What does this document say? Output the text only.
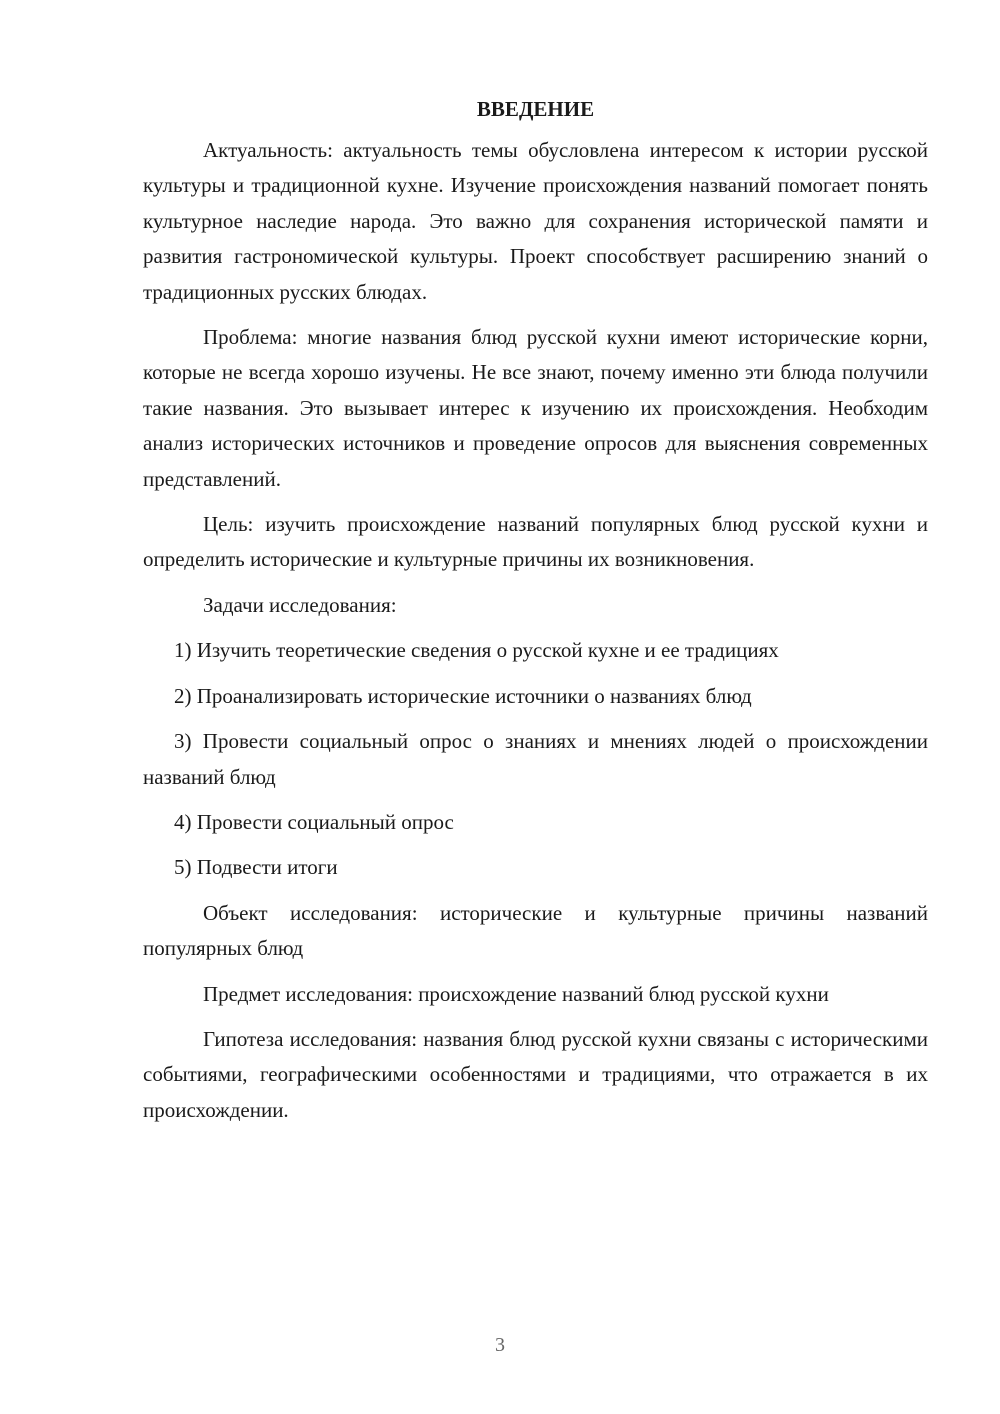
ВВЕДЕНИЕ

Актуальность: актуальность темы обусловлена интересом к истории русской культуры и традиционной кухне. Изучение происхождения названий помогает понять культурное наследие народа. Это важно для сохранения исторической памяти и развития гастрономической культуры. Проект способствует расширению знаний о традиционных русских блюдах.

Проблема: многие названия блюд русской кухни имеют исторические корни, которые не всегда хорошо изучены. Не все знают, почему именно эти блюда получили такие названия. Это вызывает интерес к изучению их происхождения. Необходим анализ исторических источников и проведение опросов для выяснения современных представлений.

Цель: изучить происхождение названий популярных блюд русской кухни и определить исторические и культурные причины их возникновения.

Задачи исследования:

1) Изучить теоретические сведения о русской кухне и ее традициях

2) Проанализировать исторические источники о названиях блюд

3) Провести социальный опрос о знаниях и мнениях людей о происхождении названий блюд

4) Провести социальный опрос

5) Подвести итоги

Объект исследования: исторические и культурные причины названий популярных блюд

Предмет исследования: происхождение названий блюд русской кухни

Гипотеза исследования: названия блюд русской кухни связаны с историческими событиями, географическими особенностями и традициями, что отражается в их происхождении.

3
